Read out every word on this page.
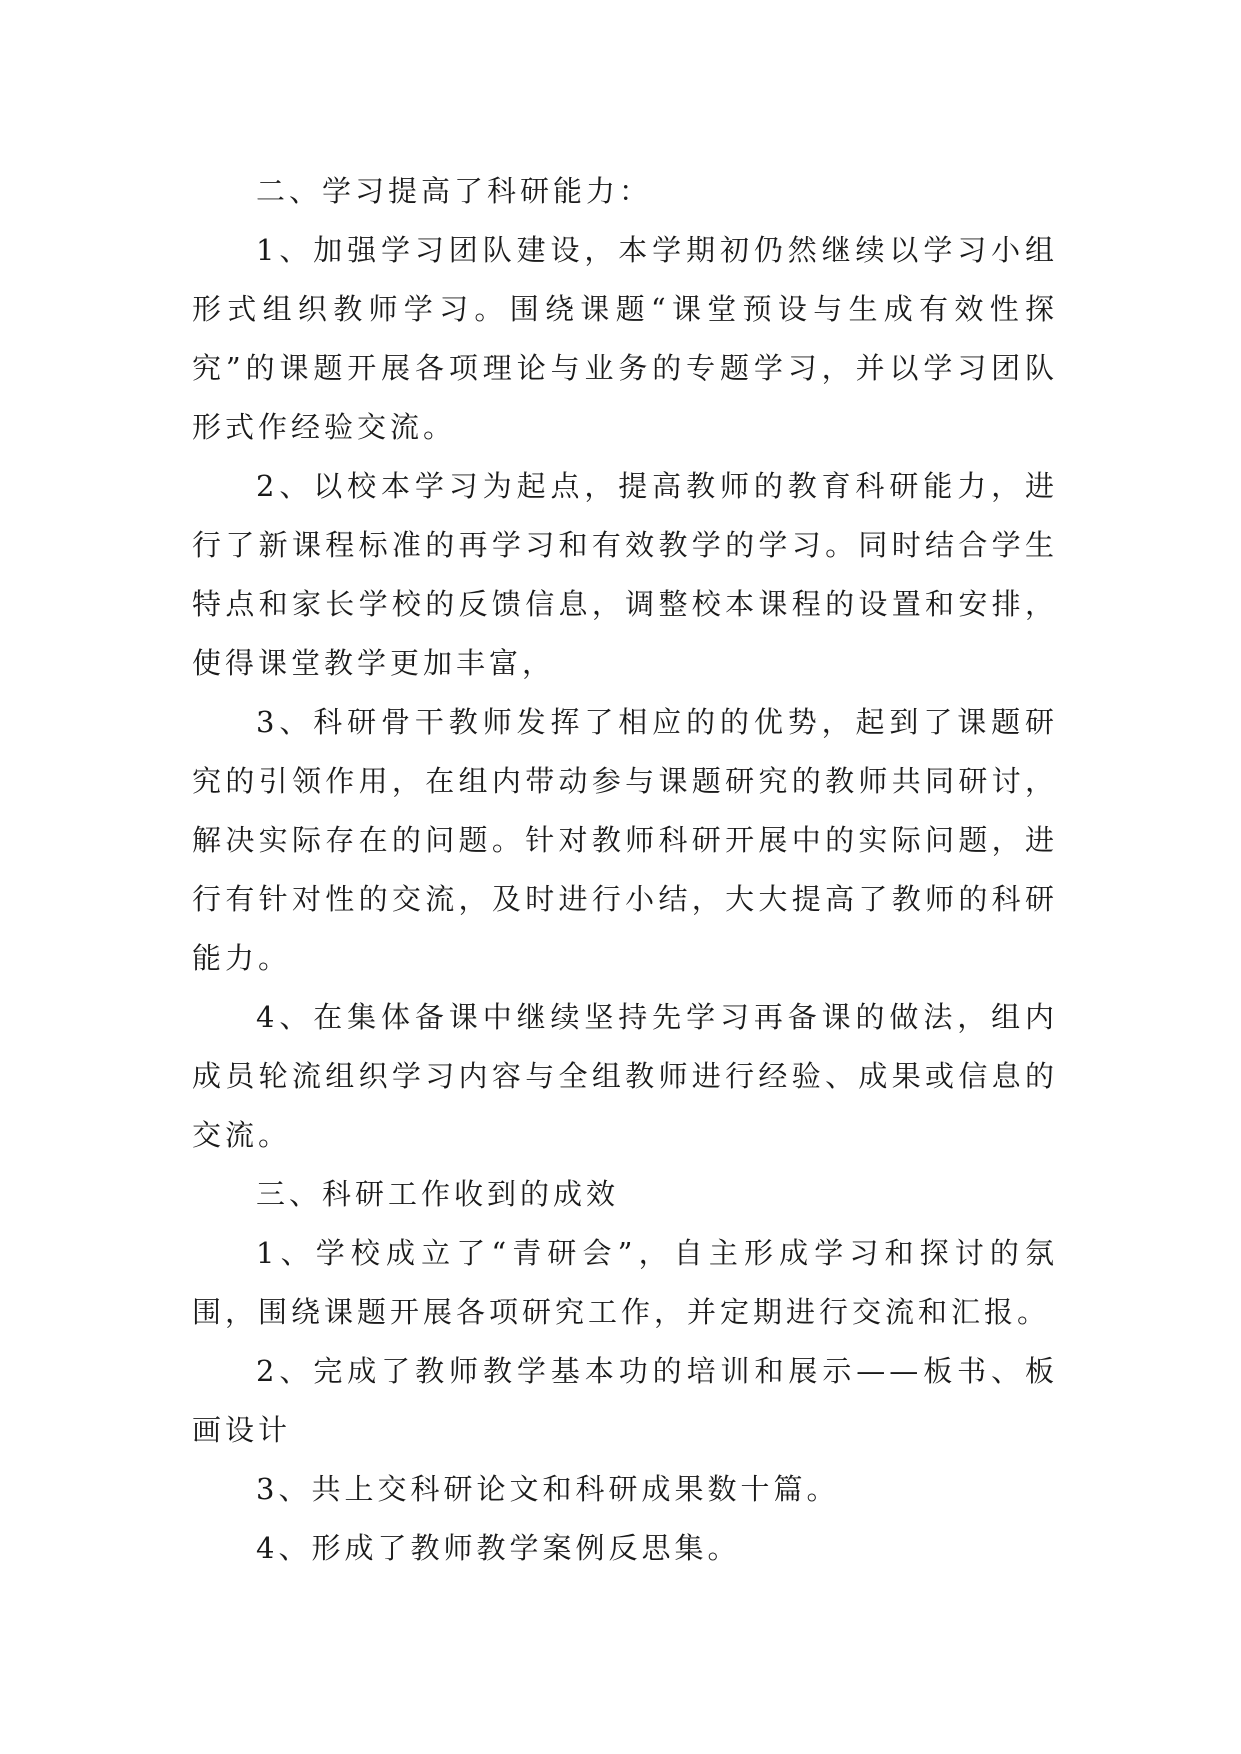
二、学习提高了科研能力：

1、加强学习团队建设，本学期初仍然继续以学习小组形式组织教师学习。围绕课题“课堂预设与生成有效性探究”的课题开展各项理论与业务的专题学习，并以学习团队形式作经验交流。

2、以校本学习为起点，提高教师的教育科研能力，进行了新课程标准的再学习和有效教学的学习。同时结合学生特点和家长学校的反馈信息，调整校本课程的设置和安排，使得课堂教学更加丰富，

3、科研骨干教师发挥了相应的的优势，起到了课题研究的引领作用，在组内带动参与课题研究的教师共同研讨，解决实际存在的问题。针对教师科研开展中的实际问题，进行有针对性的交流，及时进行小结，大大提高了教师的科研能力。

4、在集体备课中继续坚持先学习再备课的做法，组内成员轮流组织学习内容与全组教师进行经验、成果或信息的交流。

三、科研工作收到的成效

1、学校成立了“青研会”，自主形成学习和探讨的氛围，围绕课题开展各项研究工作，并定期进行交流和汇报。

2、完成了教师教学基本功的培训和展示——板书、板画设计

3、共上交科研论文和科研成果数十篇。

4、形成了教师教学案例反思集。
